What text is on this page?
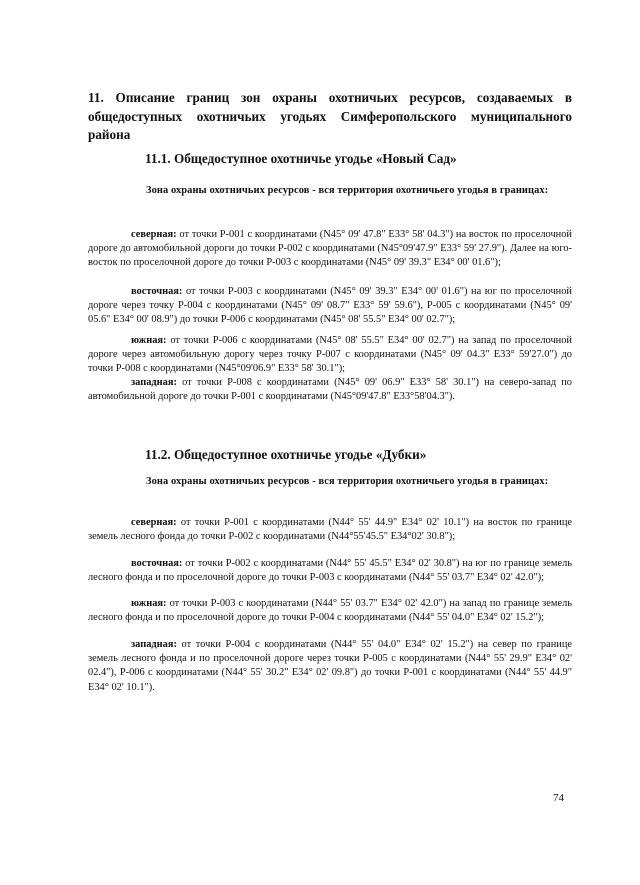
11. Описание границ зон охраны охотничьих ресурсов, создаваемых в общедоступных охотничьих угодьях Симферопольского муниципального района
11.1. Общедоступное охотничье угодье «Новый Сад»
Зона охраны охотничьих ресурсов - вся территория охотничьего угодья в границах:
северная: от точки Р-001 с координатами (N45° 09' 47.8" E33° 58' 04.3") на восток по проселочной дороге до автомобильной дороги до точки Р-002 с координатами (N45°09'47.9" E33° 59' 27.9"). Далее на юго-восток по проселочной дороге до точки Р-003 с координатами (N45° 09' 39.3" E34° 00' 01.6");
восточная: от точки Р-003 с координатами (N45° 09' 39.3" E34° 00' 01.6") на юг по проселочной дороге через точку Р-004 с координатами (N45° 09' 08.7" E33° 59' 59.6"), Р-005 с координатами (N45° 09' 05.6" E34° 00' 08.9") до точки Р-006 с координатами (N45° 08' 55.5" E34° 00' 02.7");
южная: от точки Р-006 с координатами (N45° 08' 55.5" E34° 00' 02.7") на запад по проселочной дороге через автомобильную дорогу через точку Р-007 с координатами (N45° 09' 04.3" E33° 59'27.0") до точки Р-008 с координатами (N45°09'06.9" E33° 58' 30.1");
западная: от точки Р-008 с координатами (N45° 09' 06.9" E33° 58' 30.1") на северо-запад по автомобильной дороге до точки Р-001 с координатами (N45°09'47.8" E33°58'04.3").
11.2. Общедоступное охотничье угодье «Дубки»
Зона охраны охотничьих ресурсов - вся территория охотничьего угодья в границах:
северная: от точки Р-001 с координатами (N44° 55' 44.9" E34° 02' 10.1") на восток по границе земель лесного фонда до точки Р-002 с координатами (N44°55'45.5" E34°02' 30.8");
восточная: от точки Р-002 с координатами (N44° 55' 45.5" E34° 02' 30.8") на юг по границе земель лесного фонда и по проселочной дороге до точки Р-003 с координатами (N44° 55' 03.7" E34° 02' 42.0");
южная: от точки Р-003 с координатами (N44° 55' 03.7" E34° 02' 42.0") на запад по границе земель лесного фонда и по проселочной дороге до точки Р-004 с координатами (N44° 55' 04.0" E34° 02' 15.2");
западная: от точки Р-004 с координатами (N44° 55' 04.0" E34° 02' 15.2") на север по границе земель лесного фонда и по проселочной дороге через точки Р-005 с координатами (N44° 55' 29.9" E34° 02' 02.4"), Р-006 с координатами (N44° 55' 30.2" E34° 02' 09.8") до точки Р-001 с координатами (N44° 55' 44.9" E34° 02' 10.1").
74
